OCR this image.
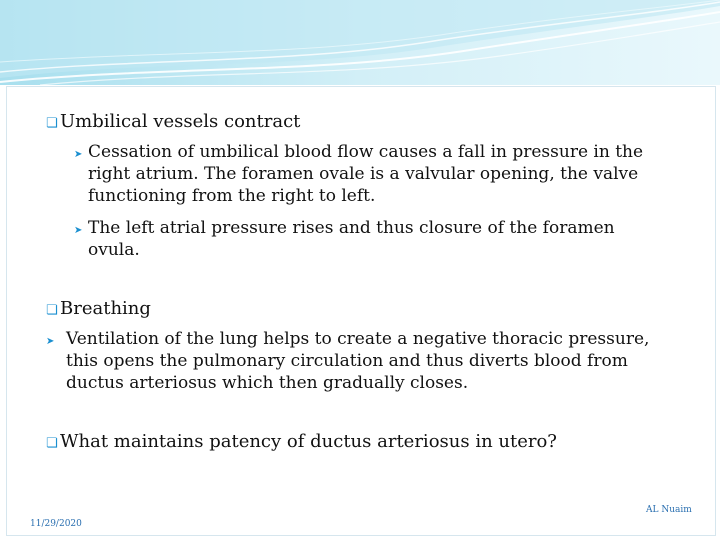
❏ Umbilical vessels contract
➤ Cessation of umbilical blood flow causes a fall in pressure in the right atrium. The foramen ovale is a valvular opening, the valve functioning from the right to left.
➤ The left atrial pressure rises and thus closure of the foramen ovula.
❏ Breathing
➤ Ventilation of the lung helps to create a negative thoracic pressure, this opens the pulmonary circulation and thus diverts blood from ductus arteriosus which then gradually closes.
❏ What maintains patency of ductus arteriosus in utero?
AL Nuaim
11/29/2020
